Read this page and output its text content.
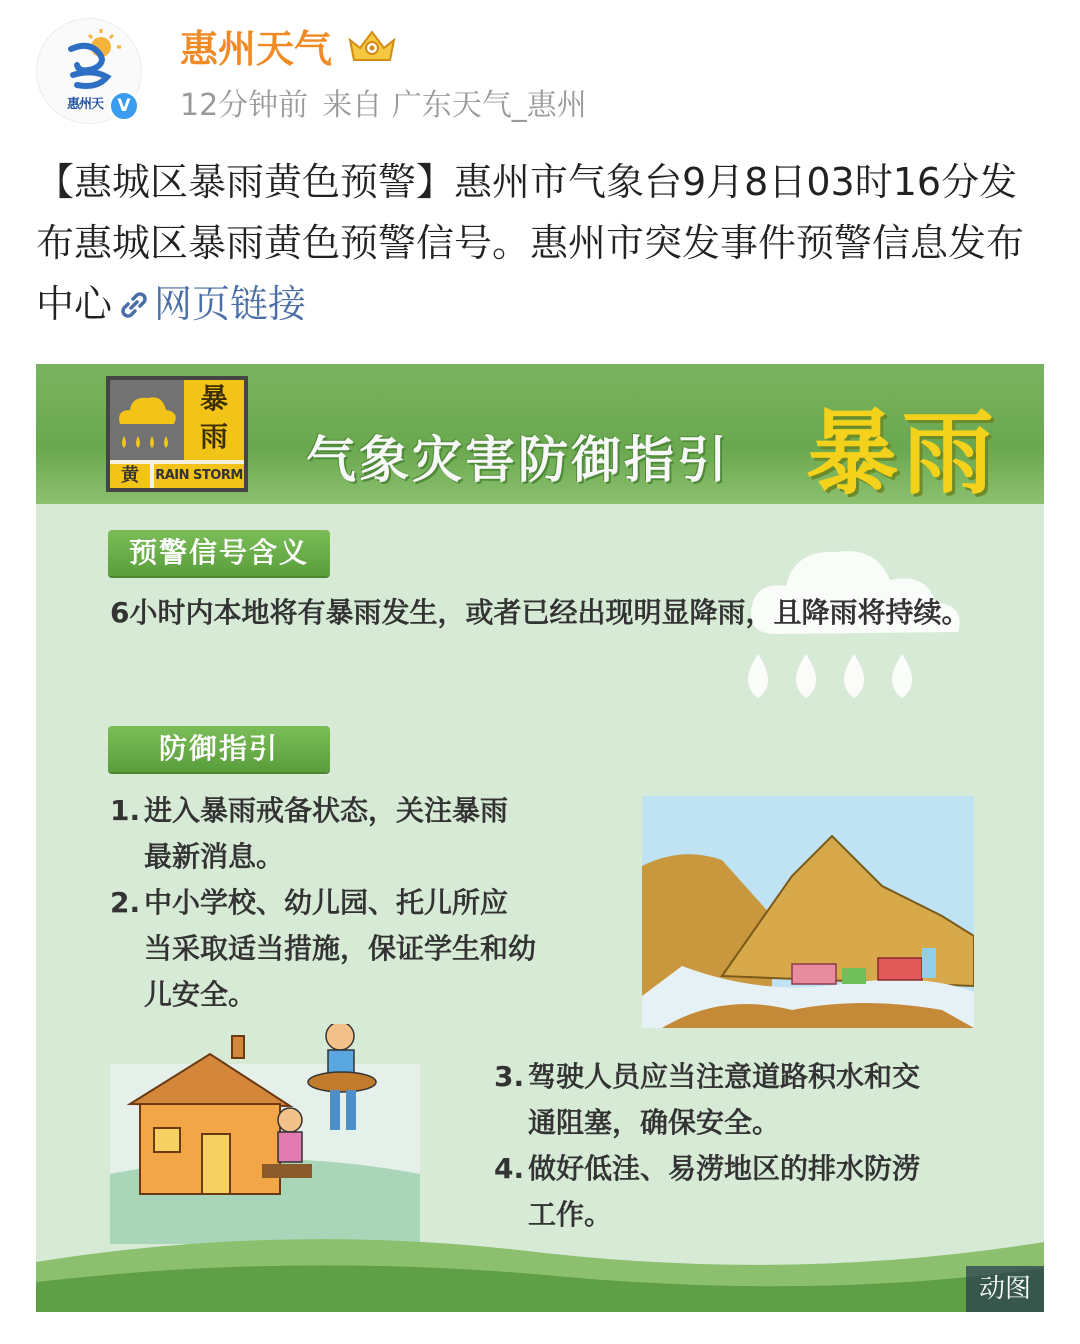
惠州天 V
惠州天气
12分钟前 来自 广东天气_惠州
【惠城区暴雨黄色预警】惠州市气象台9月8日03时16分发布惠城区暴雨黄色预警信号。惠州市突发事件预警信息发布中心 网页链接
暴
雨
黄	RAIN STORM 气象灾害防御指引 暴雨
预警信号含义
6小时内本地将有暴雨发生，或者已经出现明显降雨，且降雨将持续。
防御指引
1. 进入暴雨戒备状态，关注暴雨
最新消息。
2. 中小学校、幼儿园、托儿所应
当采取适当措施，保证学生和幼
儿安全。
3. 驾驶人员应当注意道路积水和交
通阻塞，确保安全。
4. 做好低洼、易涝地区的排水防涝
工作。
动图
